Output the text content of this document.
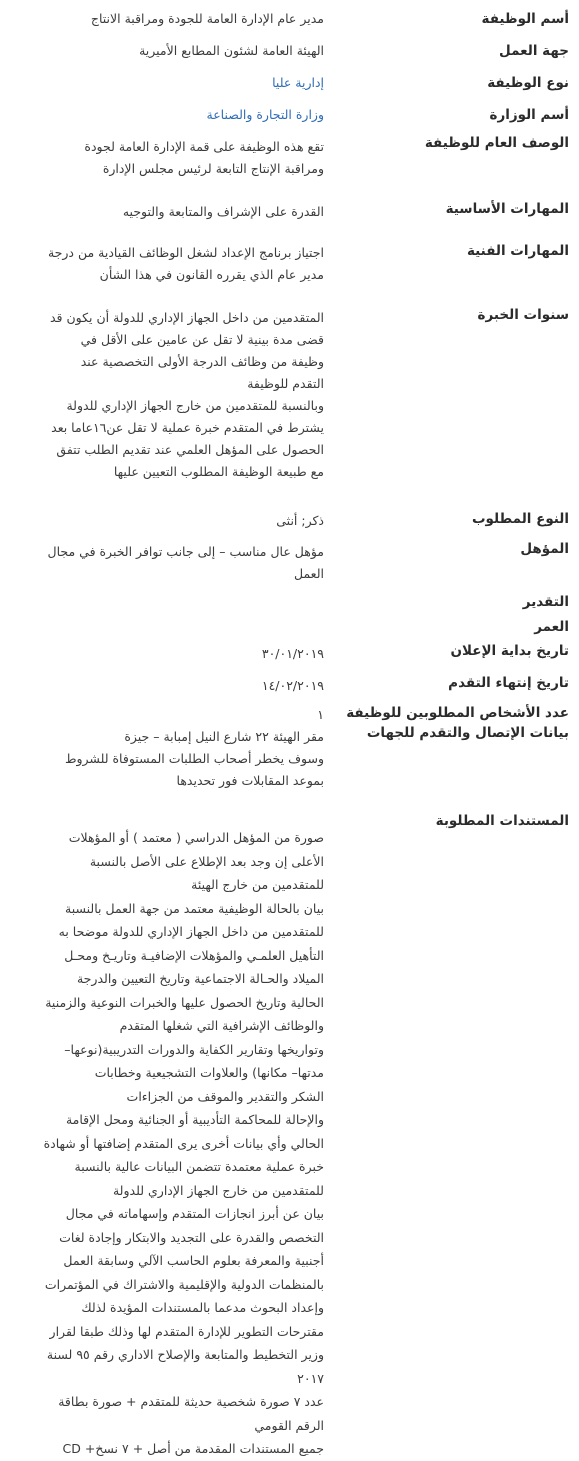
أسم الوظيفة
مدير عام الإدارة العامة للجودة ومراقبة الانتاج
جهة العمل
الهيئة العامة لشئون المطابع الأميرية
نوع الوظيفة
إدارية عليا
أسم الوزارة
وزارة التجارة والصناعة
الوصف العام للوظيفة
تقع هذه الوظيفة على قمة الإدارة العامة لجودة
ومراقبة الإنتاج التابعة لرئيس مجلس الإدارة
المهارات الأساسية
القدرة على الإشراف والمتابعة والتوجيه
المهارات الفنية
اجتياز برنامج الإعداد لشغل الوظائف القيادية من درجة
مدير عام الذي يقرره القانون في هذا الشأن
سنوات الخبرة
المتقدمين من داخل الجهاز الإداري للدولة أن يكون قد
قضى مدة بينية لا تقل عن عامين على الأقل في
وظيفة من وظائف الدرجة الأولى التخصصية عند
التقدم للوظيفة
وبالنسبة للمتقدمين من خارج الجهاز الإداري للدولة
يشترط في المتقدم خبرة عملية لا تقل عن١٦عاما بعد
الحصول على المؤهل العلمي عند تقديم الطلب تتفق
مع طبيعة الوظيفة المطلوب التعيين عليها
النوع المطلوب
ذكر; أنثى
المؤهل
مؤهل عال مناسب – إلى جانب توافر الخبرة في مجال
العمل
التقدير
العمر
تاريخ بداية الإعلان
٣٠/٠١/٢٠١٩
تاريخ إنتهاء التقدم
١٤/٠٢/٢٠١٩
عدد الأشخاص المطلوبين للوظيفة
بيانات الإتصال والتقدم للجهات
١
مقر الهيئة ٢٢ شارع النيل إمبابة – جيزة
وسوف يخطر أصحاب الطلبات المستوفاة للشروط
بموعد المقابلات فور تحديدها
المستندات المطلوبة
صورة من المؤهل الدراسي ( معتمد ) أو المؤهلات
الأعلى إن وجد بعد الإطلاع على الأصل بالنسبة
للمتقدمين من خارج الهيئة
بيان بالحالة الوظيفية معتمد من جهة العمل بالنسبة
للمتقدمين من داخل الجهاز الإداري للدولة موضحا به
التأهيل العلمـي والمؤهلات الإضافيـة وتاريـخ ومحـل
الميلاد والحـالة الاجتماعية وتاريخ التعيين والدرجة
الحالية وتاريخ الحصول عليها والخبرات النوعية والزمنية
والوظائف الإشرافية التي شغلها المتقدم
وتواريخها وتقارير الكفاية والدورات التدريبية(نوعها–
مدتها– مكانها) والعلاوات التشجيعية وخطابات
الشكر والتقدير والموقف من الجزاءات
والإحالة للمحاكمة التأديبية أو الجنائية ومحل الإقامة
الحالي وأي بيانات أخرى يرى المتقدم إضافتها أو شهادة
خبرة عملية معتمدة تتضمن البيانات عالية بالنسبة
للمتقدمين من خارج الجهاز الإداري للدولة
بيان عن أبرز انجازات المتقدم وإسهاماته في مجال
التخصص والقدرة على التجديد والابتكار وإجادة لغات
أجنبية والمعرفة بعلوم الحاسب الآلي وسابقة العمل
بالمنظمات الدولية والإقليمية والاشتراك في المؤتمرات
وإعداد البحوث مدعما بالمستندات المؤيدة لذلك
مقترحات التطوير للإدارة المتقدم لها وذلك طبقا لقرار
وزير التخطيط والمتابعة والإصلاح الاداري رقم ٩٥ لسنة
٢٠١٧
عدد ٧ صورة شخصية حديثة للمتقدم + صورة بطاقة
الرقم القومي
جميع المستندات المقدمة من أصل + ٧ نسخ+ CD
